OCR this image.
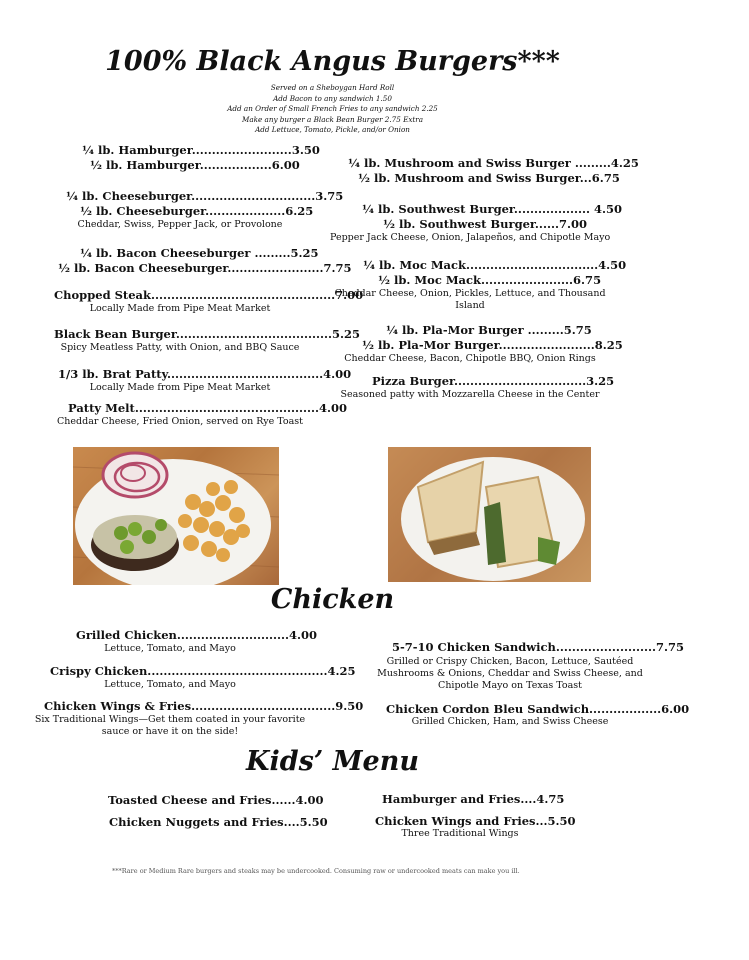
100% Black Angus Burgers***
Served on a Sheboygan Hard Roll
Add Bacon to any sandwich 1.50
Add an Order of Small French Fries to any sandwich 2.25
Make any burger a Black Bean Burger 2.75 Extra
Add Lettuce, Tomato, Pickle, and/or Onion
¼ lb. Hamburger.........................3.50
½ lb. Hamburger..................6.00
¼ lb. Cheeseburger...............................3.75
½ lb. Cheeseburger....................6.25
Cheddar, Swiss, Pepper Jack, or Provolone
¼ lb. Bacon Cheeseburger .........5.25
½ lb. Bacon Cheeseburger........................7.75
Chopped Steak..............................................7.00
Locally Made from Pipe Meat Market
Black Bean Burger.......................................5.25
Spicy Meatless Patty, with Onion, and BBQ Sauce
1/3 lb. Brat Patty.......................................4.00
Locally Made from Pipe Meat Market
Patty Melt..............................................4.00
Cheddar Cheese, Fried Onion, served on Rye Toast
¼ lb. Mushroom and Swiss Burger .........4.25
½ lb. Mushroom and Swiss Burger...6.75
¼ lb. Southwest Burger................... 4.50
½ lb. Southwest Burger......7.00
Pepper Jack Cheese, Onion, Jalapeños, and Chipotle Mayo
¼ lb. Moc Mack.................................4.50
½ lb. Moc Mack.......................6.75
Cheddar Cheese, Onion, Pickles, Lettuce, and Thousand
Island
¼ lb. Pla-Mor Burger .........5.75
½ lb. Pla-Mor Burger........................8.25
Cheddar Cheese, Bacon, Chipotle BBQ, Onion Rings
Pizza Burger.................................3.25
Seasoned patty with Mozzarella Cheese in the Center
Chicken
Grilled Chicken............................4.00
Lettuce, Tomato, and Mayo
Crispy Chicken.............................................4.25
Lettuce, Tomato, and Mayo
Chicken Wings & Fries....................................9.50
Six Traditional Wings—Get them coated in your favorite
sauce or have it on the side!
5-7-10 Chicken Sandwich.........................7.75
Grilled or Crispy Chicken, Bacon, Lettuce, Sautéed
Mushrooms & Onions, Cheddar and Swiss Cheese, and
Chipotle Mayo on Texas Toast
Chicken Cordon Bleu Sandwich..................6.00
Grilled Chicken, Ham, and Swiss Cheese
Kids’ Menu
Toasted Cheese and Fries......4.00
Chicken Nuggets and Fries....5.50
Hamburger and Fries....4.75
Chicken Wings and Fries...5.50
Three Traditional Wings
***Rare or Medium Rare burgers and steaks may be undercooked. Consuming raw or undercooked meats can make you ill.
